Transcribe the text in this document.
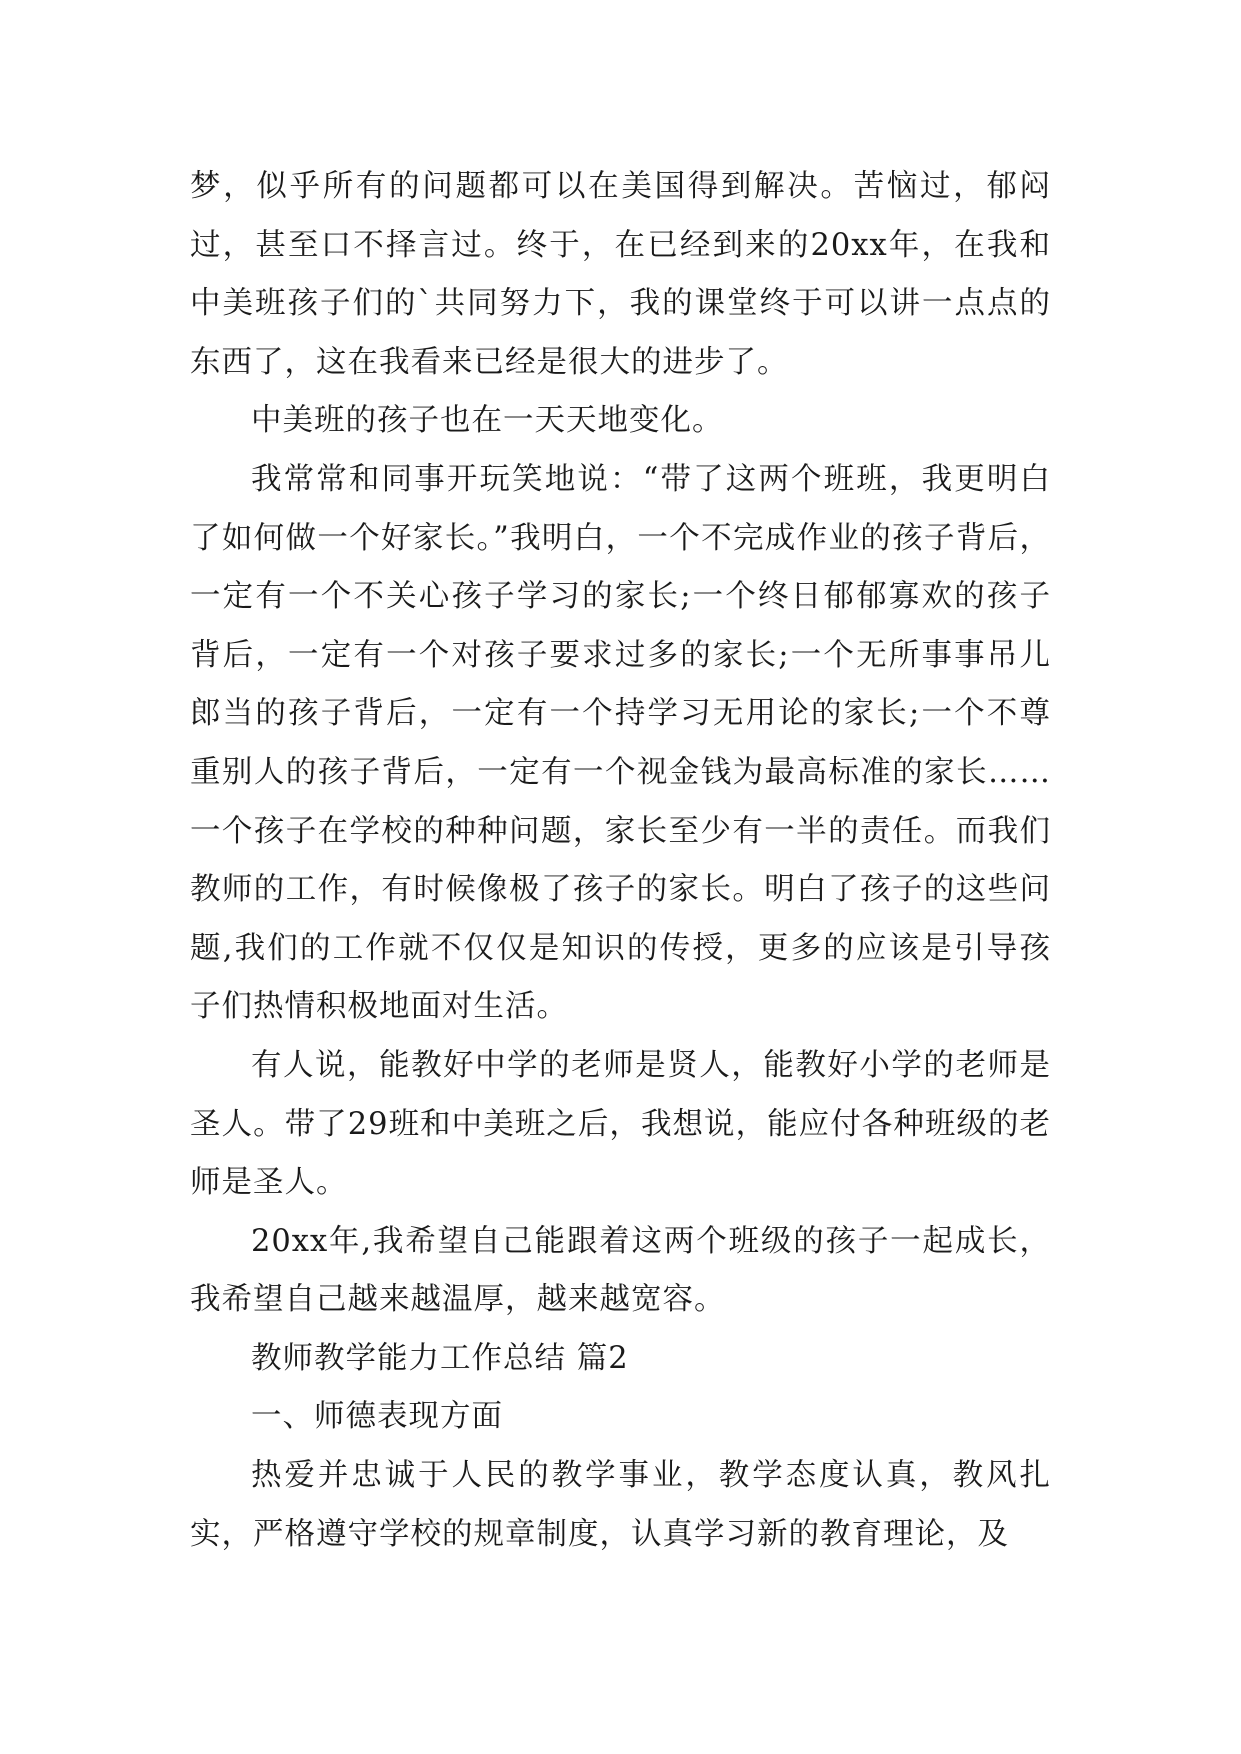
梦，似乎所有的问题都可以在美国得到解决。苦恼过，郁闷过，甚至口不择言过。终于，在已经到来的20xx年，在我和中美班孩子们的`共同努力下，我的课堂终于可以讲一点点的东西了，这在我看来已经是很大的进步了。

中美班的孩子也在一天天地变化。

我常常和同事开玩笑地说：“带了这两个班班，我更明白了如何做一个好家长。”我明白，一个不完成作业的孩子背后，一定有一个不关心孩子学习的家长;一个终日郁郁寡欢的孩子背后，一定有一个对孩子要求过多的家长;一个无所事事吊儿郎当的孩子背后，一定有一个持学习无用论的家长;一个不尊重别人的孩子背后，一定有一个视金钱为最高标准的家长……一个孩子在学校的种种问题，家长至少有一半的责任。而我们教师的工作，有时候像极了孩子的家长。明白了孩子的这些问题,我们的工作就不仅仅是知识的传授，更多的应该是引导孩子们热情积极地面对生活。

有人说，能教好中学的老师是贤人，能教好小学的老师是圣人。带了29班和中美班之后，我想说，能应付各种班级的老师是圣人。

20xx年,我希望自己能跟着这两个班级的孩子一起成长，我希望自己越来越温厚，越来越宽容。

教师教学能力工作总结 篇2

一、师德表现方面

热爱并忠诚于人民的教学事业，教学态度认真，教风扎实，严格遵守学校的规章制度，认真学习新的教育理论，及
